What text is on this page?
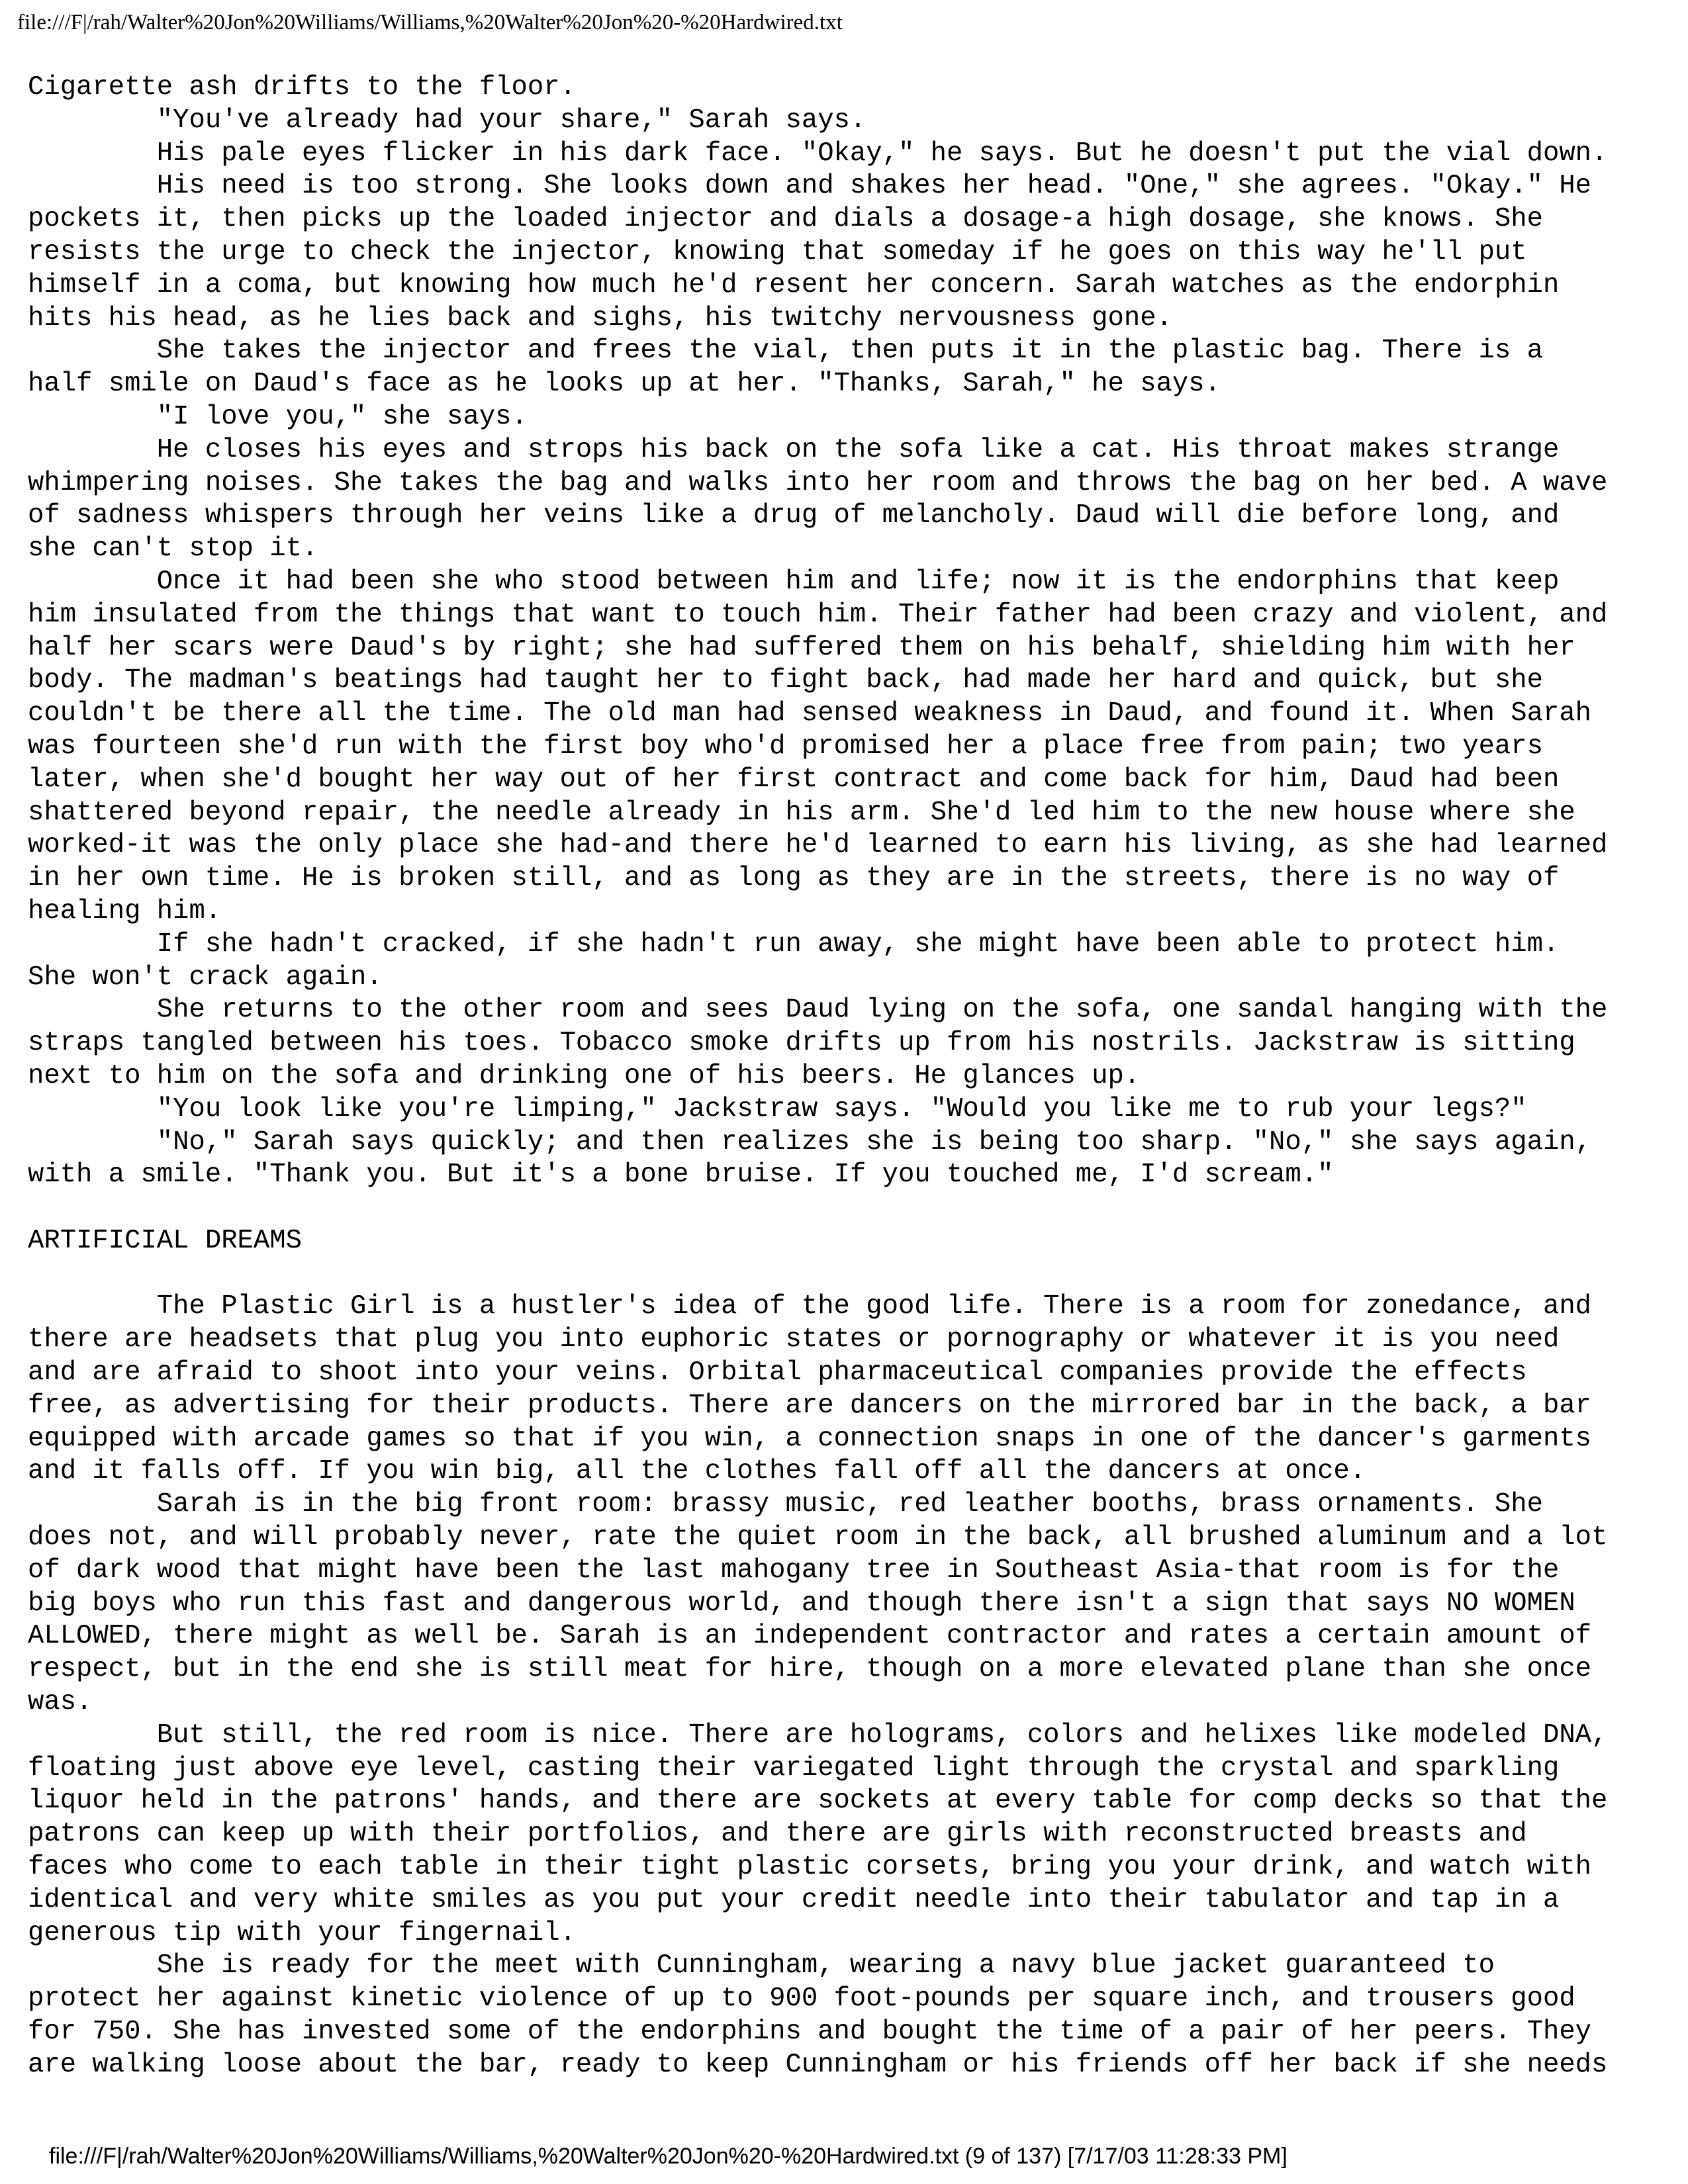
file:///F|/rah/Walter%20Jon%20Williams/Williams,%20Walter%20Jon%20-%20Hardwired.txt
Cigarette ash drifts to the floor.
"You've already had your share," Sarah says.
His pale eyes flicker in his dark face. "Okay," he says. But he doesn't put the vial down.
His need is too strong. She looks down and shakes her head. "One," she agrees. "Okay." He
pockets it, then picks up the loaded injector and dials a dosage-a high dosage, she knows. She
resists the urge to check the injector, knowing that someday if he goes on this way he'll put
himself in a coma, but knowing how much he'd resent her concern. Sarah watches as the endorphin
hits his head, as he lies back and sighs, his twitchy nervousness gone.
She takes the injector and frees the vial, then puts it in the plastic bag. There is a
half smile on Daud's face as he looks up at her. "Thanks, Sarah," he says.
"I love you," she says.
He closes his eyes and strops his back on the sofa like a cat. His throat makes strange
whimpering noises. She takes the bag and walks into her room and throws the bag on her bed. A wave
of sadness whispers through her veins like a drug of melancholy. Daud will die before long, and
she can't stop it.
Once it had been she who stood between him and life; now it is the endorphins that keep
him insulated from the things that want to touch him. Their father had been crazy and violent, and
half her scars were Daud's by right; she had suffered them on his behalf, shielding him with her
body. The madman's beatings had taught her to fight back, had made her hard and quick, but she
couldn't be there all the time. The old man had sensed weakness in Daud, and found it. When Sarah
was fourteen she'd run with the first boy who'd promised her a place free from pain; two years
later, when she'd bought her way out of her first contract and come back for him, Daud had been
shattered beyond repair, the needle already in his arm. She'd led him to the new house where she
worked-it was the only place she had-and there he'd learned to earn his living, as she had learned
in her own time. He is broken still, and as long as they are in the streets, there is no way of
healing him.
If she hadn't cracked, if she hadn't run away, she might have been able to protect him.
She won't crack again.
She returns to the other room and sees Daud lying on the sofa, one sandal hanging with the
straps tangled between his toes. Tobacco smoke drifts up from his nostrils. Jackstraw is sitting
next to him on the sofa and drinking one of his beers. He glances up.
"You look like you're limping," Jackstraw says. "Would you like me to rub your legs?"
"No," Sarah says quickly; and then realizes she is being too sharp. "No," she says again,
with a smile. "Thank you. But it's a bone bruise. If you touched me, I'd scream."
ARTIFICIAL DREAMS
The Plastic Girl is a hustler's idea of the good life. There is a room for zonedance, and
there are headsets that plug you into euphoric states or pornography or whatever it is you need
and are afraid to shoot into your veins. Orbital pharmaceutical companies provide the effects
free, as advertising for their products. There are dancers on the mirrored bar in the back, a bar
equipped with arcade games so that if you win, a connection snaps in one of the dancer's garments
and it falls off. If you win big, all the clothes fall off all the dancers at once.
Sarah is in the big front room: brassy music, red leather booths, brass ornaments. She
does not, and will probably never, rate the quiet room in the back, all brushed aluminum and a lot
of dark wood that might have been the last mahogany tree in Southeast Asia-that room is for the
big boys who run this fast and dangerous world, and though there isn't a sign that says NO WOMEN
ALLOWED, there might as well be. Sarah is an independent contractor and rates a certain amount of
respect, but in the end she is still meat for hire, though on a more elevated plane than she once
was.
But still, the red room is nice. There are holograms, colors and helixes like modeled DNA,
floating just above eye level, casting their variegated light through the crystal and sparkling
liquor held in the patrons' hands, and there are sockets at every table for comp decks so that the
patrons can keep up with their portfolios, and there are girls with reconstructed breasts and
faces who come to each table in their tight plastic corsets, bring you your drink, and watch with
identical and very white smiles as you put your credit needle into their tabulator and tap in a
generous tip with your fingernail.
She is ready for the meet with Cunningham, wearing a navy blue jacket guaranteed to
protect her against kinetic violence of up to 900 foot-pounds per square inch, and trousers good
for 750. She has invested some of the endorphins and bought the time of a pair of her peers. They
are walking loose about the bar, ready to keep Cunningham or his friends off her back if she needs
file:///F|/rah/Walter%20Jon%20Williams/Williams,%20Walter%20Jon%20-%20Hardwired.txt (9 of 137) [7/17/03 11:28:33 PM]
